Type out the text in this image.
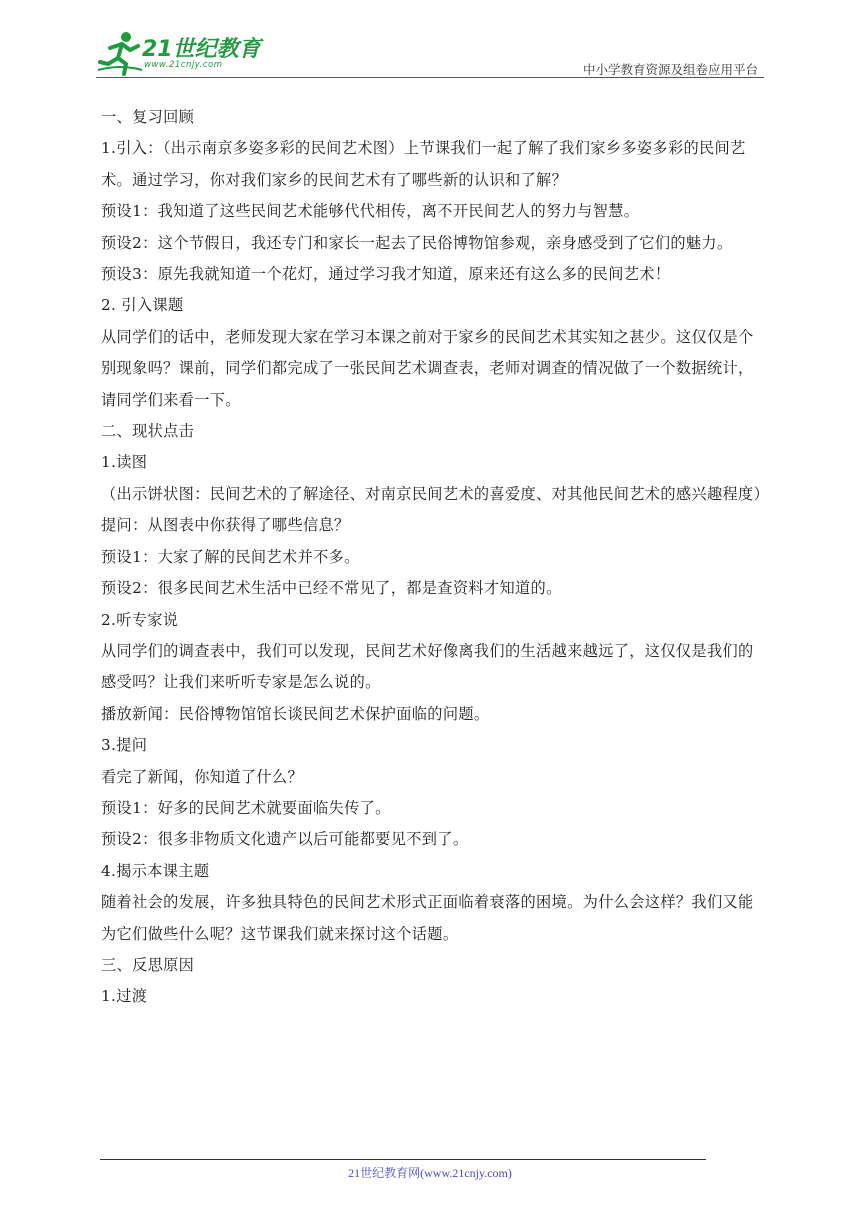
21世纪教育
www.21cnjy.com	中小学教育资源及组卷应用平台

一、复习回顾

1.引入：（出示南京多姿多彩的民间艺术图）上节课我们一起了解了我们家乡多姿多彩的民间艺术。通过学习，你对我们家乡的民间艺术有了哪些新的认识和了解？

预设1：我知道了这些民间艺术能够代代相传，离不开民间艺人的努力与智慧。

预设2：这个节假日，我还专门和家长一起去了民俗博物馆参观，亲身感受到了它们的魅力。

预设3：原先我就知道一个花灯，通过学习我才知道，原来还有这么多的民间艺术！

2. 引入课题

从同学们的话中，老师发现大家在学习本课之前对于家乡的民间艺术其实知之甚少。这仅仅是个别现象吗？课前，同学们都完成了一张民间艺术调查表，老师对调查的情况做了一个数据统计，请同学们来看一下。

二、现状点击

1.读图

（出示饼状图：民间艺术的了解途径、对南京民间艺术的喜爱度、对其他民间艺术的感兴趣程度）

提问：从图表中你获得了哪些信息？

预设1：大家了解的民间艺术并不多。

预设2：很多民间艺术生活中已经不常见了，都是查资料才知道的。

2.听专家说

从同学们的调查表中，我们可以发现，民间艺术好像离我们的生活越来越远了，这仅仅是我们的感受吗？让我们来听听专家是怎么说的。

播放新闻：民俗博物馆馆长谈民间艺术保护面临的问题。

3.提问

看完了新闻，你知道了什么？

预设1：好多的民间艺术就要面临失传了。

预设2：很多非物质文化遗产以后可能都要见不到了。

4.揭示本课主题

随着社会的发展，许多独具特色的民间艺术形式正面临着衰落的困境。为什么会这样？我们又能为它们做些什么呢？这节课我们就来探讨这个话题。

三、反思原因

1.过渡

21世纪教育网(www.21cnjy.com)
